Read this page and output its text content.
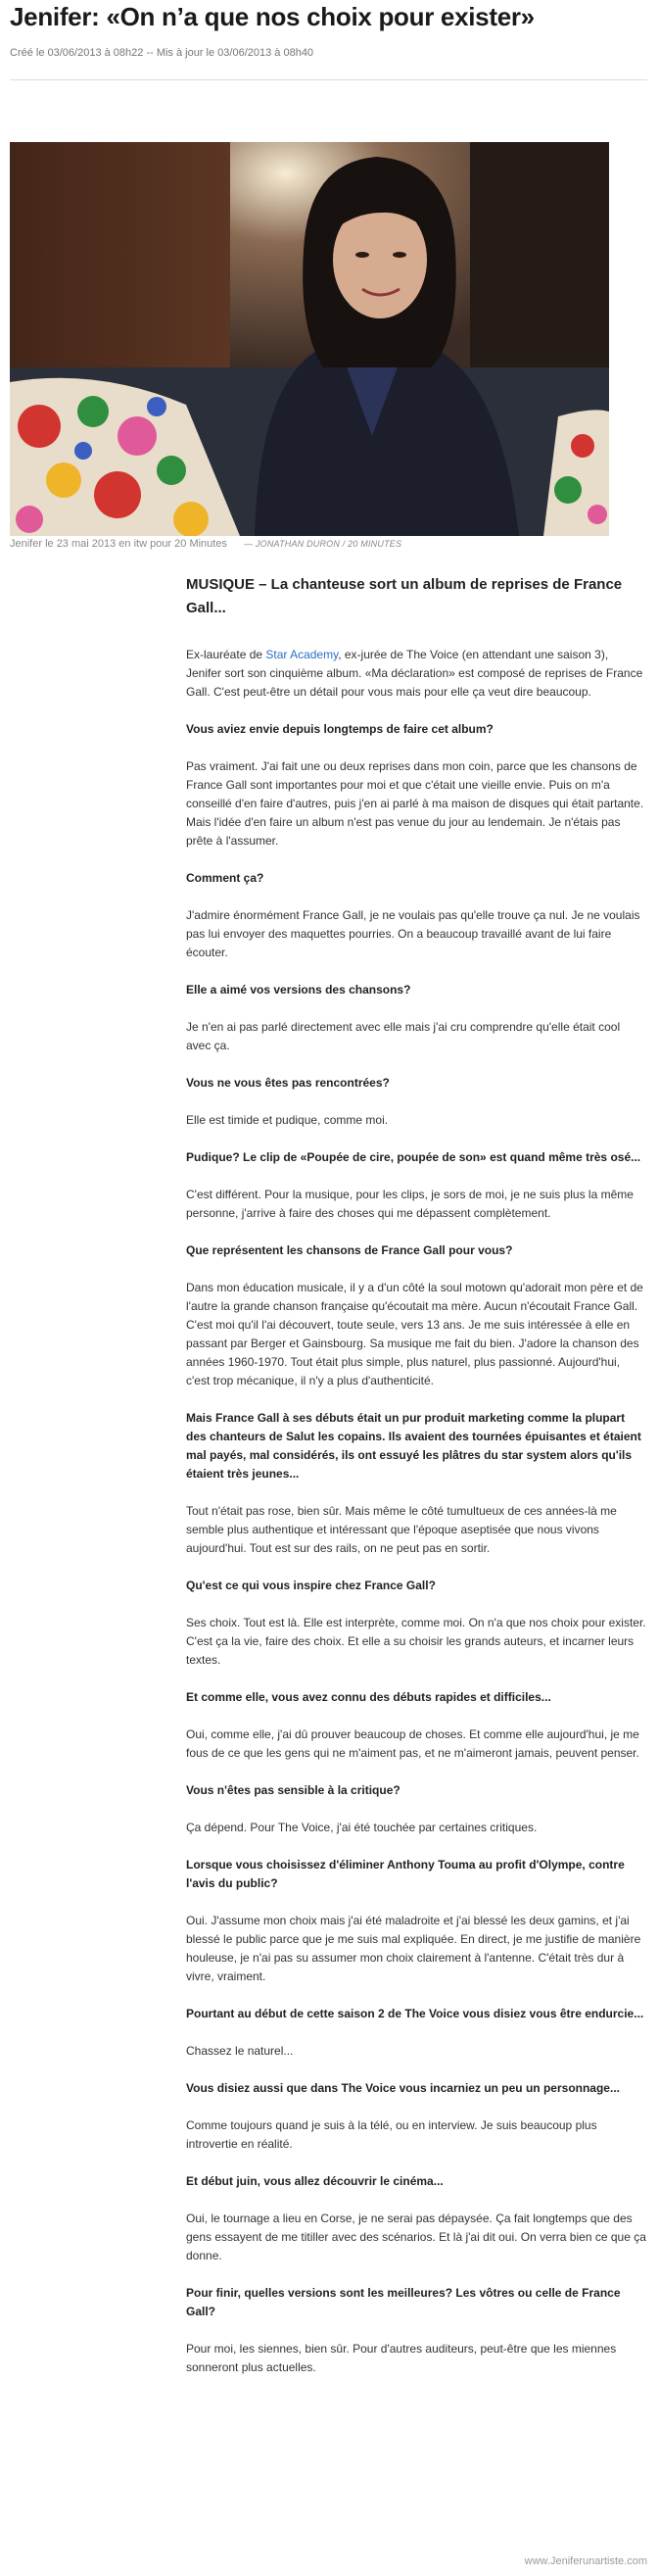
Jenifer: «On n’a que nos choix pour exister»
Créé le 03/06/2013 à 08h22 -- Mis à jour le 03/06/2013 à 08h40
Jenifer le 23 mai 2013 en itw pour 20 Minutes — JONATHAN DURON / 20 MINUTES

MUSIQUE – La chanteuse sort un album de reprises de France Gall...

Ex-lauréate de Star Academy, ex-jurée de The Voice (en attendant une saison 3), Jenifer sort son cinquième album. «Ma déclaration» est composé de reprises de France Gall. C'est peut-être un détail pour vous mais pour elle ça veut dire beaucoup.

Vous aviez envie depuis longtemps de faire cet album?

Pas vraiment. J'ai fait une ou deux reprises dans mon coin, parce que les chansons de France Gall sont importantes pour moi et que c'était une vieille envie. Puis on m'a conseillé d'en faire d'autres, puis j'en ai parlé à ma maison de disques qui était partante. Mais l'idée d'en faire un album n'est pas venue du jour au lendemain. Je n'étais pas prête à l'assumer.

Comment ça?

J'admire énormément France Gall, je ne voulais pas qu'elle trouve ça nul. Je ne voulais pas lui envoyer des maquettes pourries. On a beaucoup travaillé avant de lui faire écouter.

Elle a aimé vos versions des chansons?

Je n'en ai pas parlé directement avec elle mais j'ai cru comprendre qu'elle était cool avec ça.

Vous ne vous êtes pas rencontrées?

Elle est timide et pudique, comme moi.

Pudique? Le clip de «Poupée de cire, poupée de son» est quand même très osé...

C'est différent. Pour la musique, pour les clips, je sors de moi, je ne suis plus la même personne, j'arrive à faire des choses qui me dépassent complètement.

Que représentent les chansons de France Gall pour vous?

Dans mon éducation musicale, il y a d'un côté la soul motown qu'adorait mon père et de l'autre la grande chanson française qu'écoutait ma mère. Aucun n'écoutait France Gall. C'est moi qu'il l'ai découvert, toute seule, vers 13 ans. Je me suis intéressée à elle en passant par Berger et Gainsbourg. Sa musique me fait du bien. J'adore la chanson des années 1960-1970. Tout était plus simple, plus naturel, plus passionné. Aujourd'hui, c'est trop mécanique, il n'y a plus d'authenticité.

Mais France Gall à ses débuts était un pur produit marketing comme la plupart des chanteurs de Salut les copains. Ils avaient des tournées épuisantes et étaient mal payés, mal considérés, ils ont essuyé les plâtres du star system alors qu'ils étaient très jeunes...

Tout n'était pas rose, bien sûr. Mais même le côté tumultueux de ces années-là me semble plus authentique et intéressant que l'époque aseptisée que nous vivons aujourd'hui. Tout est sur des rails, on ne peut pas en sortir.

Qu'est ce qui vous inspire chez France Gall?

Ses choix. Tout est là. Elle est interprète, comme moi. On n'a que nos choix pour exister. C'est ça la vie, faire des choix. Et elle a su choisir les grands auteurs, et incarner leurs textes.

Et comme elle, vous avez connu des débuts rapides et difficiles...

Oui, comme elle, j'ai dû prouver beaucoup de choses. Et comme elle aujourd'hui, je me fous de ce que les gens qui ne m'aiment pas, et ne m'aimeront jamais, peuvent penser.

Vous n'êtes pas sensible à la critique?

Ça dépend. Pour The Voice, j'ai été touchée par certaines critiques.

Lorsque vous choisissez d'éliminer Anthony Touma au profit d'Olympe, contre l'avis du public?

Oui. J'assume mon choix mais j'ai été maladroite et j'ai blessé les deux gamins, et j'ai blessé le public parce que je me suis mal expliquée. En direct, je me justifie de manière houleuse, je n'ai pas su assumer mon choix clairement à l'antenne. C'était très dur à vivre, vraiment.

Pourtant au début de cette saison 2 de The Voice vous disiez vous être endurcie...

Chassez le naturel...

Vous disiez aussi que dans The Voice vous incarniez un peu un personnage...

Comme toujours quand je suis à la télé, ou en interview. Je suis beaucoup plus introvertie en réalité.

Et début juin, vous allez découvrir le cinéma...

Oui, le tournage a lieu en Corse, je ne serai pas dépaysée. Ça fait longtemps que des gens essayent de me titiller avec des scénarios. Et là j'ai dit oui. On verra bien ce que ça donne.

Pour finir, quelles versions sont les meilleures? Les vôtres ou celle de France Gall?

Pour moi, les siennes, bien sûr. Pour d'autres auditeurs, peut-être que les miennes sonneront plus actuelles.

www.Jeniferunartiste.com
